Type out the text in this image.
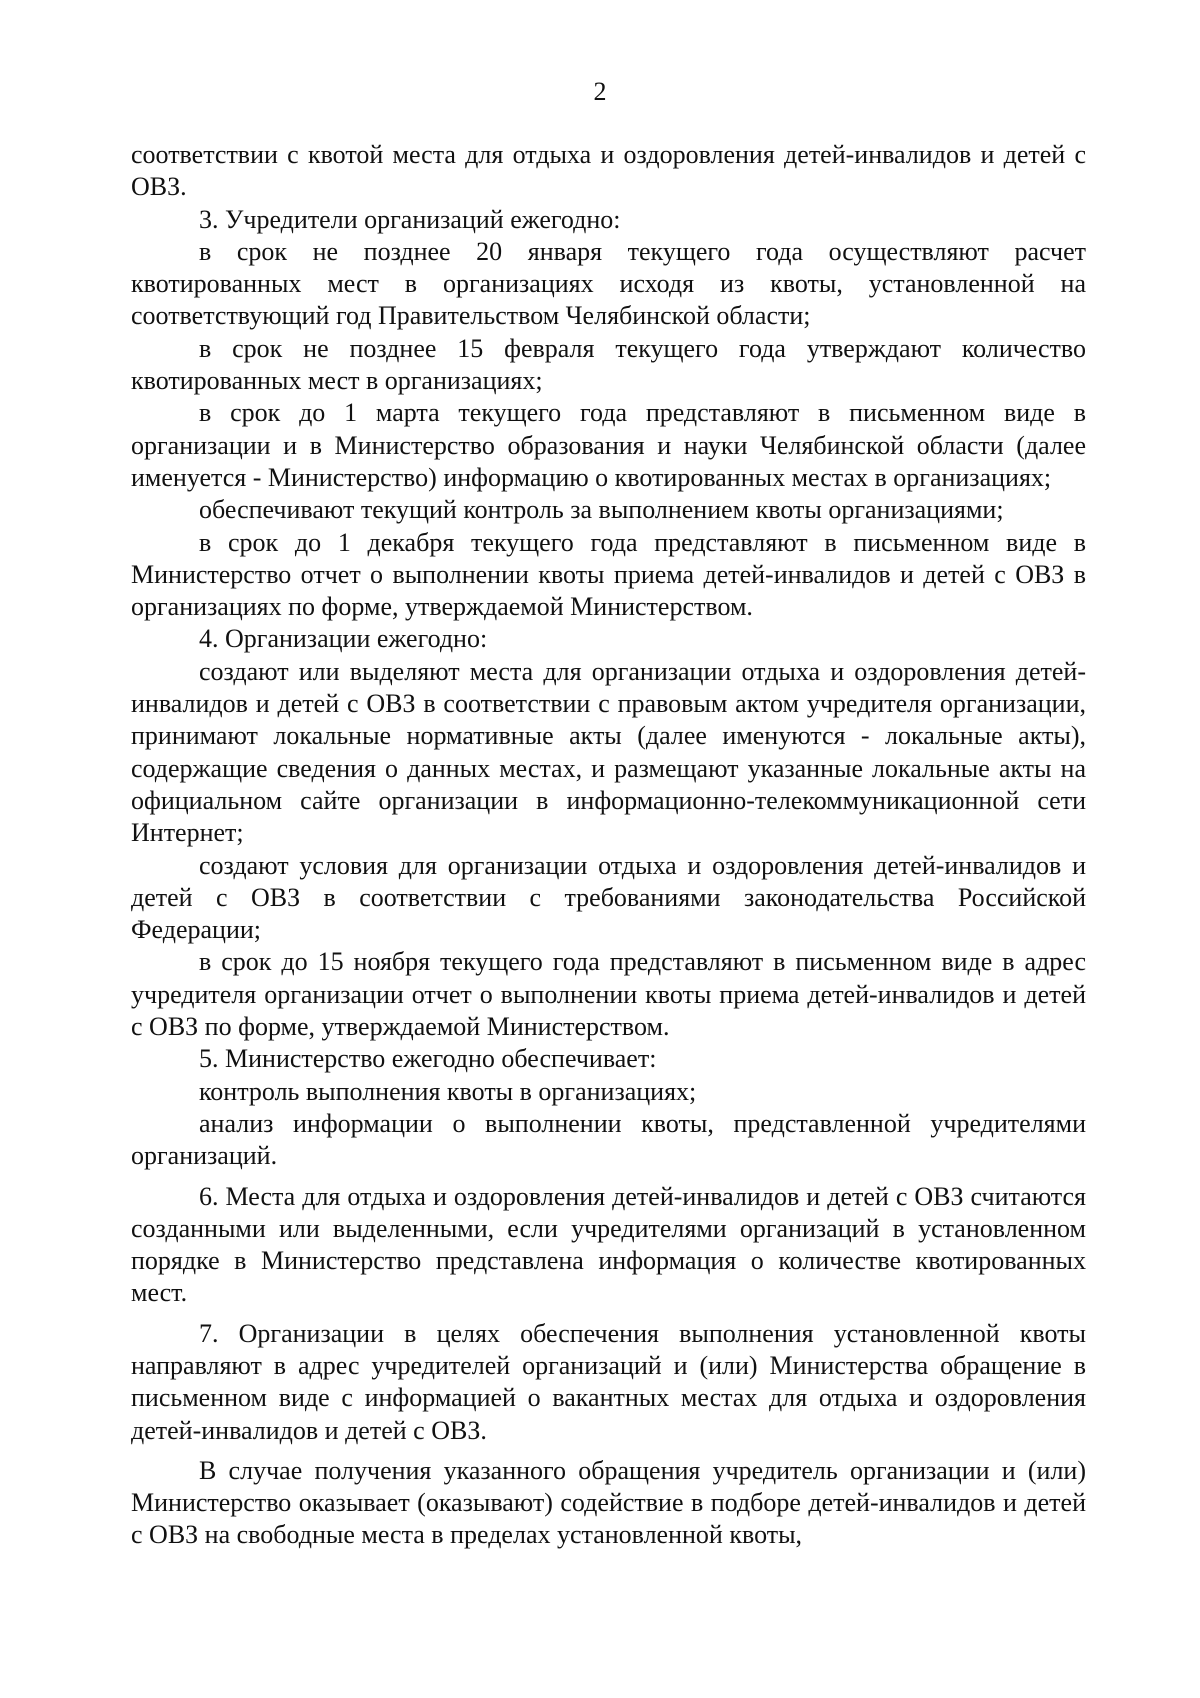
2

соответствии с квотой места для отдыха и оздоровления детей-инвалидов и детей с ОВЗ.

3. Учредители организаций ежегодно:

в срок не позднее 20 января текущего года осуществляют расчет квотированных мест в организациях исходя из квоты, установленной на соответствующий год Правительством Челябинской области;

в срок не позднее 15 февраля текущего года утверждают количество квотированных мест в организациях;

в срок до 1 марта текущего года представляют в письменном виде в организации и в Министерство образования и науки Челябинской области (далее именуется - Министерство) информацию о квотированных местах в организациях;

обеспечивают текущий контроль за выполнением квоты организациями;

в срок до 1 декабря текущего года представляют в письменном виде в Министерство отчет о выполнении квоты приема детей-инвалидов и детей с ОВЗ в организациях по форме, утверждаемой Министерством.

4. Организации ежегодно:

создают или выделяют места для организации отдыха и оздоровления детей-инвалидов и детей с ОВЗ в соответствии с правовым актом учредителя организации, принимают локальные нормативные акты (далее именуются - локальные акты), содержащие сведения о данных местах, и размещают указанные локальные акты на официальном сайте организации в информационно-телекоммуникационной сети Интернет;

создают условия для организации отдыха и оздоровления детей-инвалидов и детей с ОВЗ в соответствии с требованиями законодательства Российской Федерации;

в срок до 15 ноября текущего года представляют в письменном виде в адрес учредителя организации отчет о выполнении квоты приема детей-инвалидов и детей с ОВЗ по форме, утверждаемой Министерством.

5. Министерство ежегодно обеспечивает:

контроль выполнения квоты в организациях;

анализ информации о выполнении квоты, представленной учредителями организаций.

6. Места для отдыха и оздоровления детей-инвалидов и детей с ОВЗ считаются созданными или выделенными, если учредителями организаций в установленном порядке в Министерство представлена информация о количестве квотированных мест.

7. Организации в целях обеспечения выполнения установленной квоты направляют в адрес учредителей организаций и (или) Министерства обращение в письменном виде с информацией о вакантных местах для отдыха и оздоровления детей-инвалидов и детей с ОВЗ.

В случае получения указанного обращения учредитель организации и (или) Министерство оказывает (оказывают) содействие в подборе детей-инвалидов и детей с ОВЗ на свободные места в пределах установленной квоты,
